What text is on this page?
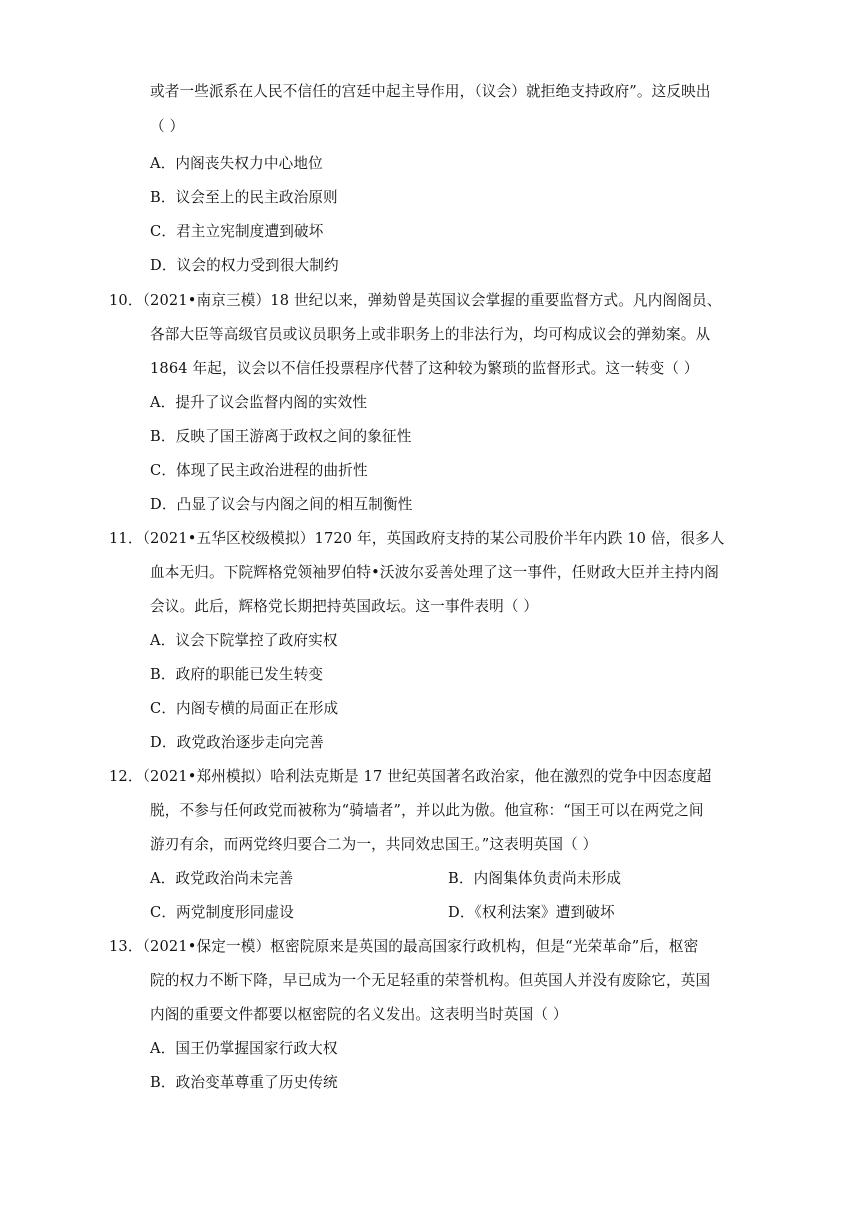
或者一些派系在人民不信任的宫廷中起主导作用，（议会）就拒绝支持政府”。这反映出
（ ）
A．内阁丧失权力中心地位
B．议会至上的民主政治原则
C．君主立宪制度遭到破坏
D．议会的权力受到很大制约
10．（2021•南京三模）18 世纪以来，弹劾曾是英国议会掌握的重要监督方式。凡内阁阁员、
各部大臣等高级官员或议员职务上或非职务上的非法行为，均可构成议会的弹劾案。从
1864 年起，议会以不信任投票程序代替了这种较为繁琐的监督形式。这一转变（ ）
A．提升了议会监督内阁的实效性
B．反映了国王游离于政权之间的象征性
C．体现了民主政治进程的曲折性
D．凸显了议会与内阁之间的相互制衡性
11．（2021•五华区校级模拟）1720 年，英国政府支持的某公司股价半年内跌 10 倍，很多人
血本无归。下院辉格党领袖罗伯特•沃波尔妥善处理了这一事件，任财政大臣并主持内阁
会议。此后，辉格党长期把持英国政坛。这一事件表明（ ）
A．议会下院掌控了政府实权
B．政府的职能已发生转变
C．内阁专横的局面正在形成
D．政党政治逐步走向完善
12．（2021•郑州模拟）哈利法克斯是 17 世纪英国著名政治家，他在激烈的党争中因态度超
脱，不参与任何政党而被称为“骑墙者”，并以此为傲。他宣称：“国王可以在两党之间
游刃有余，而两党终归要合二为一，共同效忠国王。”这表明英国（ ）
A．政党政治尚未完善	B．内阁集体负责尚未形成
C．两党制度形同虚设	D．《权利法案》遭到破坏
13．（2021•保定一模）枢密院原来是英国的最高国家行政机构，但是“光荣革命”后，枢密
院的权力不断下降，早已成为一个无足轻重的荣誉机构。但英国人并没有废除它，英国
内阁的重要文件都要以枢密院的名义发出。这表明当时英国（ ）
A．国王仍掌握国家行政大权
B．政治变革尊重了历史传统
